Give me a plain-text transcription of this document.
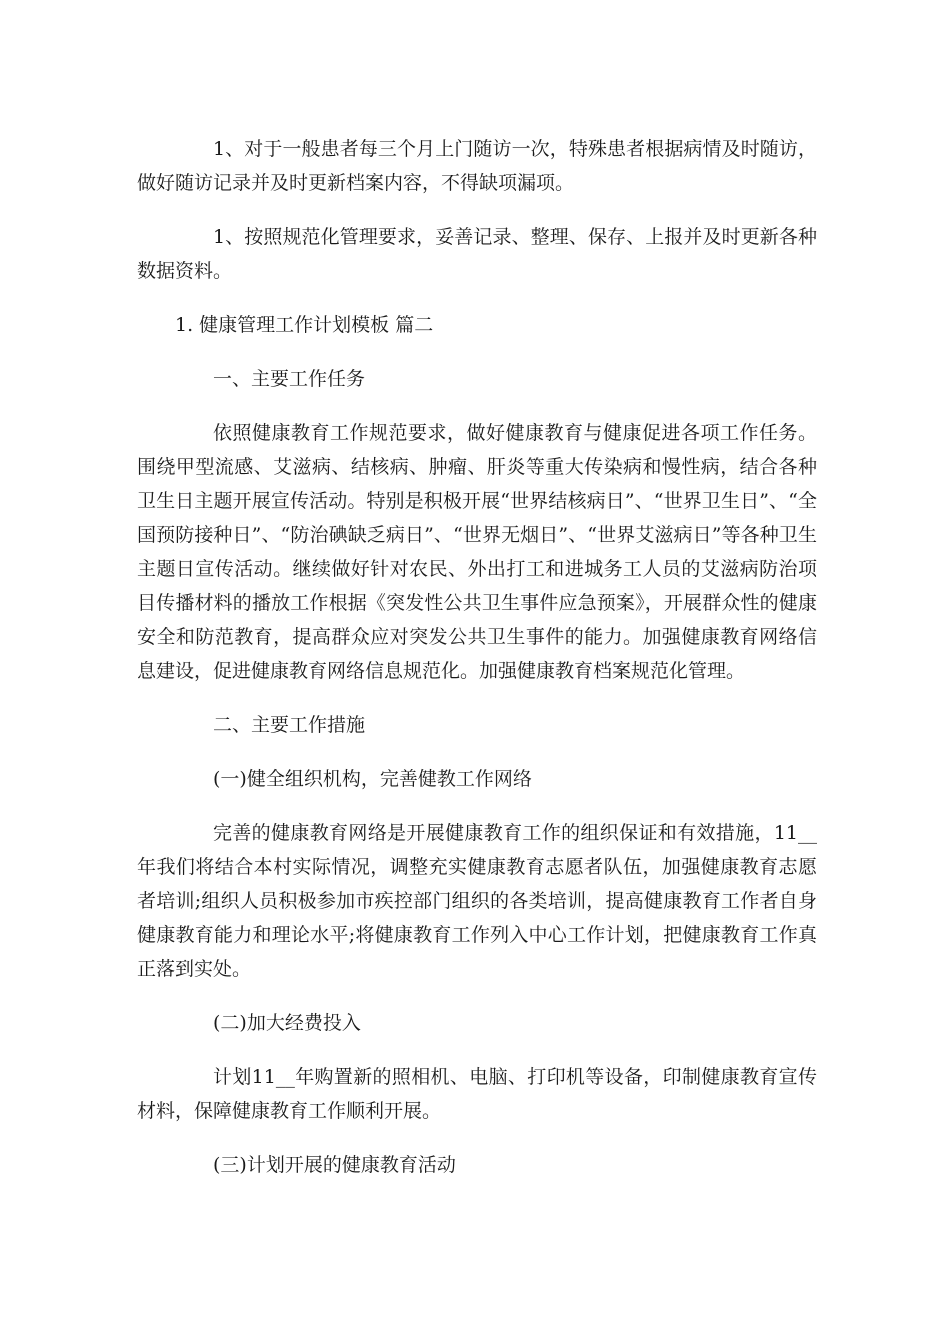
1、对于一般患者每三个月上门随访一次，特殊患者根据病情及时随访，做好随访记录并及时更新档案内容，不得缺项漏项。

1、按照规范化管理要求，妥善记录、整理、保存、上报并及时更新各种数据资料。

1. 健康管理工作计划模板 篇二

一、主要工作任务

依照健康教育工作规范要求，做好健康教育与健康促进各项工作任务。围绕甲型流感、艾滋病、结核病、肿瘤、肝炎等重大传染病和慢性病，结合各种卫生日主题开展宣传活动。特别是积极开展“世界结核病日”、“世界卫生日”、“全国预防接种日”、“防治碘缺乏病日”、“世界无烟日”、“世界艾滋病日”等各种卫生主题日宣传活动。继续做好针对农民、外出打工和进城务工人员的艾滋病防治项目传播材料的播放工作根据《突发性公共卫生事件应急预案》，开展群众性的健康安全和防范教育，提高群众应对突发公共卫生事件的能力。加强健康教育网络信息建设，促进健康教育网络信息规范化。加强健康教育档案规范化管理。

二、主要工作措施

(一)健全组织机构，完善健教工作网络

完善的健康教育网络是开展健康教育工作的组织保证和有效措施，11__年我们将结合本村实际情况，调整充实健康教育志愿者队伍，加强健康教育志愿者培训;组织人员积极参加市疾控部门组织的各类培训，提高健康教育工作者自身健康教育能力和理论水平;将健康教育工作列入中心工作计划，把健康教育工作真正落到实处。

(二)加大经费投入

计划11__年购置新的照相机、电脑、打印机等设备，印制健康教育宣传材料，保障健康教育工作顺利开展。

(三)计划开展的健康教育活动
